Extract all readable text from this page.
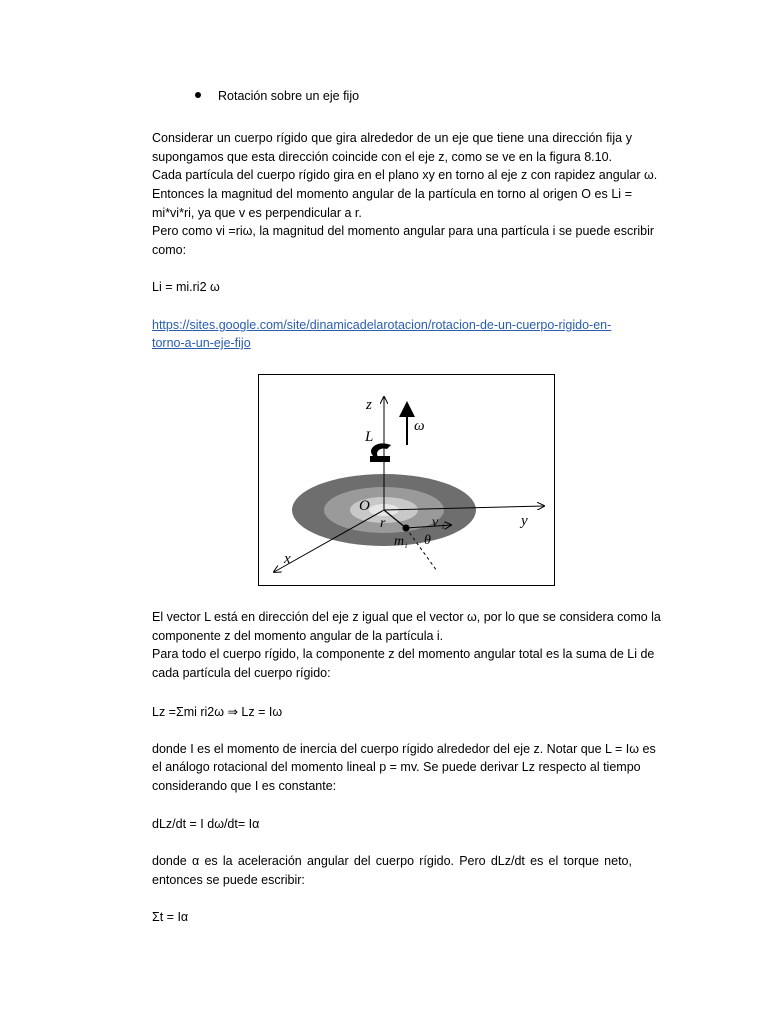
Rotación sobre un eje fijo
Considerar un cuerpo rígido que gira alrededor de un eje que tiene una dirección fija y
supongamos que esta dirección coincide con el eje z, como se ve en la figura 8.10.
Cada partícula del cuerpo rígido gira en el plano xy en torno al eje z con rapidez angular ω.
Entonces la magnitud del momento angular de la partícula en torno al origen O es Li =
mi*vi*ri, ya que v es perpendicular a r.
Pero como vi =riω, la magnitud del momento angular para una partícula i se puede escribir
como:
Li = mi.ri2 ω
https://sites.google.com/site/dinamicadelarotacion/rotacion-de-un-cuerpo-rigido-en-
torno-a-un-eje-fijo
z
L
ω
O
r	v i
m i θ
y
x
El vector L está en dirección del eje z igual que el vector ω, por lo que se considera como la
componente z del momento angular de la partícula i.
Para todo el cuerpo rígido, la componente z del momento angular total es la suma de Li de
cada partícula del cuerpo rígido:
Lz =Σmi ri2ω ⇒ Lz = Iω
donde I es el momento de inercia del cuerpo rígido alrededor del eje z. Notar que L = Iω es
el análogo rotacional del momento lineal p = mv. Se puede derivar Lz respecto al tiempo
considerando que I es constante:
dLz/dt = I dω/dt= Iα
donde α es la aceleración angular del cuerpo rígido. Pero dLz/dt es el torque neto,
entonces se puede escribir:
Σt = Iα
